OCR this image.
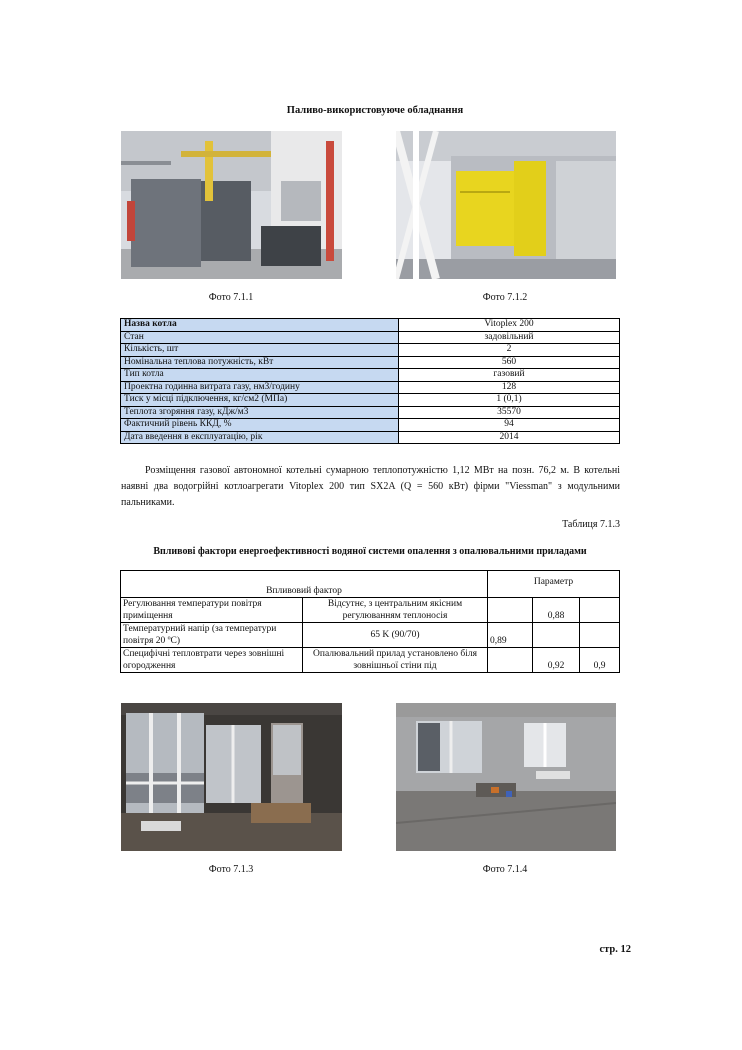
Паливо-використовуюче обладнання
Фото 7.1.1	Фото 7.1.2
Назва котла	Vitoplex 200
Стан	задовільний
Кількість, шт	2
Номінальна теплова потужність, кВт	560
Тип котла	газовий
Проектна годинна витрата газу, нм3/годину	128
Тиск у місці підключення, кг/см2 (МПа)	1 (0,1)
Теплота згоряння газу, кДж/м3	35570
Фактичний рівень ККД, %	94
Дата введення в експлуатацію, рік	2014
Розміщення газової автономної котельні сумарною теплопотужністю 1,12 МВт на позн. 76,2 м. В котельні наявні два водогрійні котлоагрегати Vitoplex 200 тип SX2A (Q = 560 кВт) фірми "Viessman" з модульними пальниками.
Таблиця 7.1.3
Впливові фактори енергоефективності водяної системи опалення з опалювальними приладами
Впливовий фактор		Параметр		
Регулювання температури повітря приміщення	Відсутнє, з центральним якісним регулюванням теплоносія		0,88	
Температурний напір (за температури повітря 20 ºС)	65 K (90/70)	0,89		
Специфічні тепловтрати через зовнішні огородження	Опалювальний прилад установлено біля зовнішньої стіни під		0,92	0,9
Фото 7.1.3	Фото 7.1.4
стр. 12
